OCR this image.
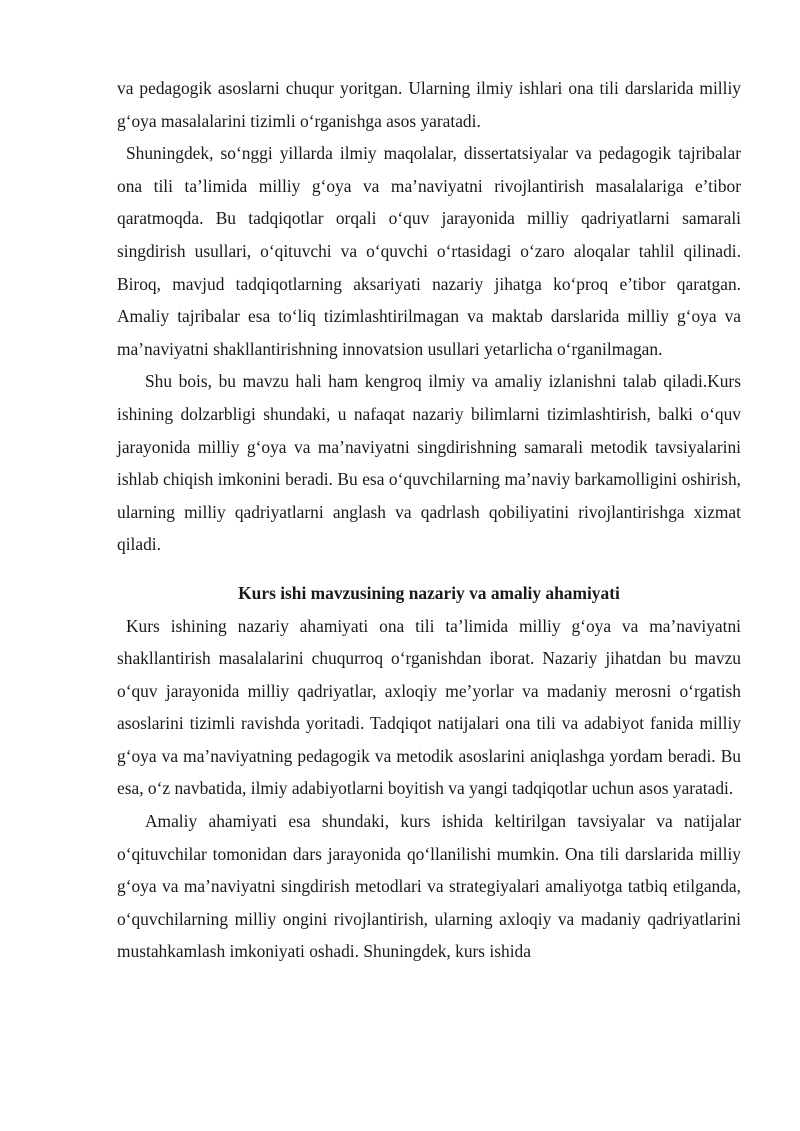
va pedagogik asoslarni chuqur yoritgan. Ularning ilmiy ishlari ona tili darslarida milliy g‘oya masalalarini tizimli o‘rganishga asos yaratadi.

Shuningdek, so‘nggi yillarda ilmiy maqolalar, dissertatsiyalar va pedagogik tajribalar ona tili ta’limida milliy g‘oya va ma’naviyatni rivojlantirish masalalariga e’tibor qaratmoqda. Bu tadqiqotlar orqali o‘quv jarayonida milliy qadriyatlarni samarali singdirish usullari, o‘qituvchi va o‘quvchi o‘rtasidagi o‘zaro aloqalar tahlil qilinadi. Biroq, mavjud tadqiqotlarning aksariyati nazariy jihatga ko‘proq e’tibor qaratgan. Amaliy tajribalar esa to‘liq tizimlashtirilmagan va maktab darslarida milliy g‘oya va ma’naviyatni shakllantirishning innovatsion usullari yetarlicha o‘rganilmagan.

Shu bois, bu mavzu hali ham kengroq ilmiy va amaliy izlanishni talab qiladi.Kurs ishining dolzarbligi shundaki, u nafaqat nazariy bilimlarni tizimlashtirish, balki o‘quv jarayonida milliy g‘oya va ma’naviyatni singdirishning samarali metodik tavsiyalarini ishlab chiqish imkonini beradi. Bu esa o‘quvchilarning ma’naviy barkamolligini oshirish, ularning milliy qadriyatlarni anglash va qadrlash qobiliyatini rivojlantirishga xizmat qiladi.

Kurs ishi mavzusining nazariy va amaliy ahamiyati

Kurs ishining nazariy ahamiyati ona tili ta’limida milliy g‘oya va ma’naviyatni shakllantirish masalalarini chuqurroq o‘rganishdan iborat. Nazariy jihatdan bu mavzu o‘quv jarayonida milliy qadriyatlar, axloqiy me’yorlar va madaniy merosni o‘rgatish asoslarini tizimli ravishda yoritadi. Tadqiqot natijalari ona tili va adabiyot fanida milliy g‘oya va ma’naviyatning pedagogik va metodik asoslarini aniqlashga yordam beradi. Bu esa, o‘z navbatida, ilmiy adabiyotlarni boyitish va yangi tadqiqotlar uchun asos yaratadi.

Amaliy ahamiyati esa shundaki, kurs ishida keltirilgan tavsiyalar va natijalar o‘qituvchilar tomonidan dars jarayonida qo‘llanilishi mumkin. Ona tili darslarida milliy g‘oya va ma’naviyatni singdirish metodlari va strategiyalari amaliyotga tatbiq etilganda, o‘quvchilarning milliy ongini rivojlantirish, ularning axloqiy va madaniy qadriyatlarini mustahkamlash imkoniyati oshadi. Shuningdek, kurs ishida
